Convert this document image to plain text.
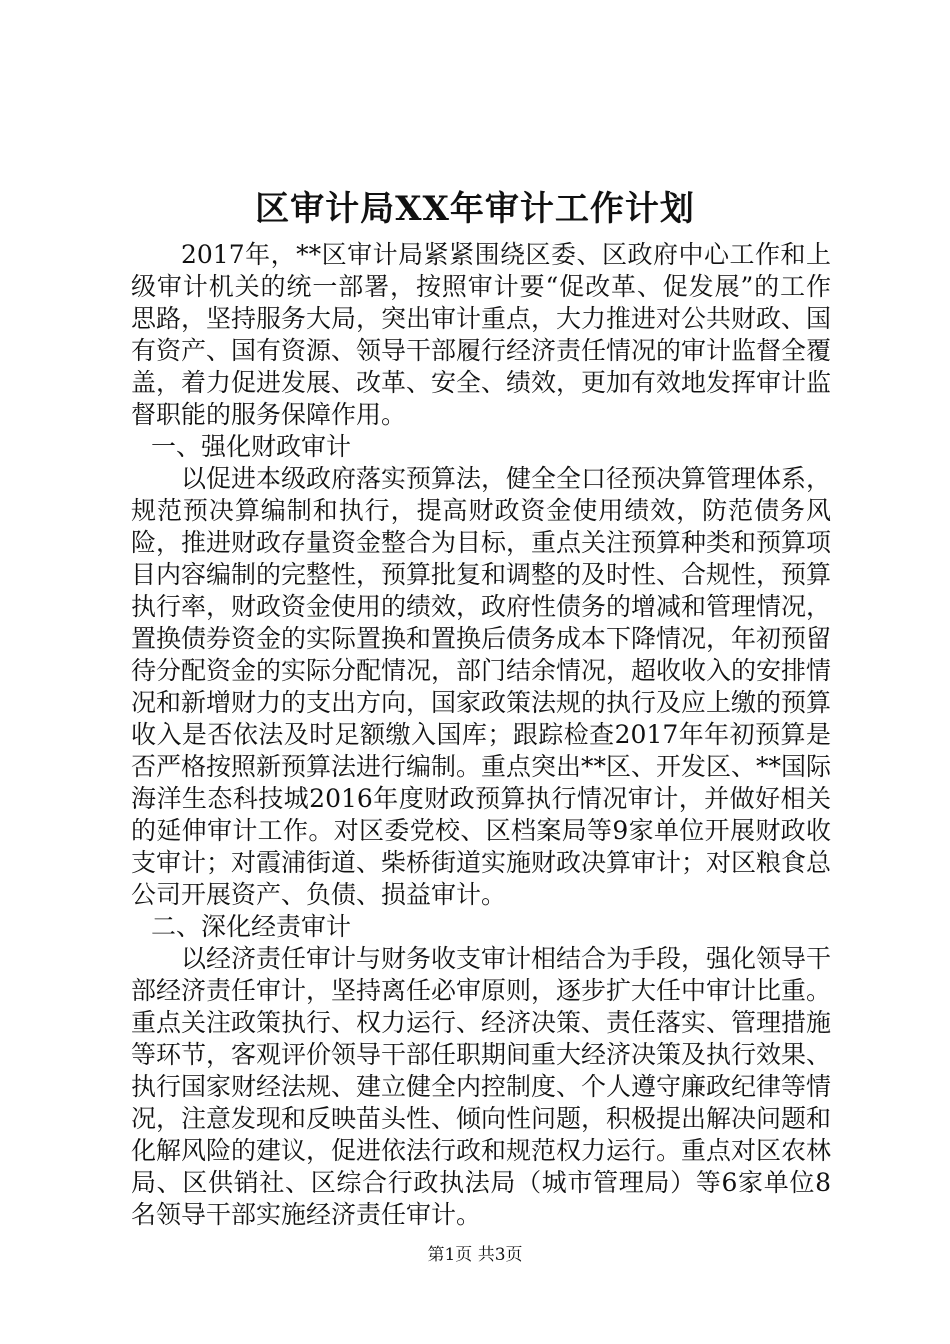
区审计局XX年审计工作计划

2017年，**区审计局紧紧围绕区委、区政府中心工作和上级审计机关的统一部署，按照审计要“促改革、促发展”的工作思路，坚持服务大局，突出审计重点，大力推进对公共财政、国有资产、国有资源、领导干部履行经济责任情况的审计监督全覆盖，着力促进发展、改革、安全、绩效，更加有效地发挥审计监督职能的服务保障作用。

一、强化财政审计

以促进本级政府落实预算法，健全全口径预决算管理体系，规范预决算编制和执行，提高财政资金使用绩效，防范债务风险，推进财政存量资金整合为目标，重点关注预算种类和预算项目内容编制的完整性，预算批复和调整的及时性、合规性，预算执行率，财政资金使用的绩效，政府性债务的增减和管理情况，置换债券资金的实际置换和置换后债务成本下降情况，年初预留待分配资金的实际分配情况，部门结余情况，超收收入的安排情况和新增财力的支出方向，国家政策法规的执行及应上缴的预算收入是否依法及时足额缴入国库；跟踪检查2017年年初预算是否严格按照新预算法进行编制。重点突出**区、开发区、**国际海洋生态科技城2016年度财政预算执行情况审计，并做好相关的延伸审计工作。对区委党校、区档案局等9家单位开展财政收支审计；对霞浦街道、柴桥街道实施财政决算审计；对区粮食总公司开展资产、负债、损益审计。

二、深化经责审计

以经济责任审计与财务收支审计相结合为手段，强化领导干部经济责任审计，坚持离任必审原则，逐步扩大任中审计比重。重点关注政策执行、权力运行、经济决策、责任落实、管理措施等环节，客观评价领导干部任职期间重大经济决策及执行效果、执行国家财经法规、建立健全内控制度、个人遵守廉政纪律等情况，注意发现和反映苗头性、倾向性问题，积极提出解决问题和化解风险的建议，促进依法行政和规范权力运行。重点对区农林局、区供销社、区综合行政执法局（城市管理局）等6家单位8名领导干部实施经济责任审计。

第1页 共3页
